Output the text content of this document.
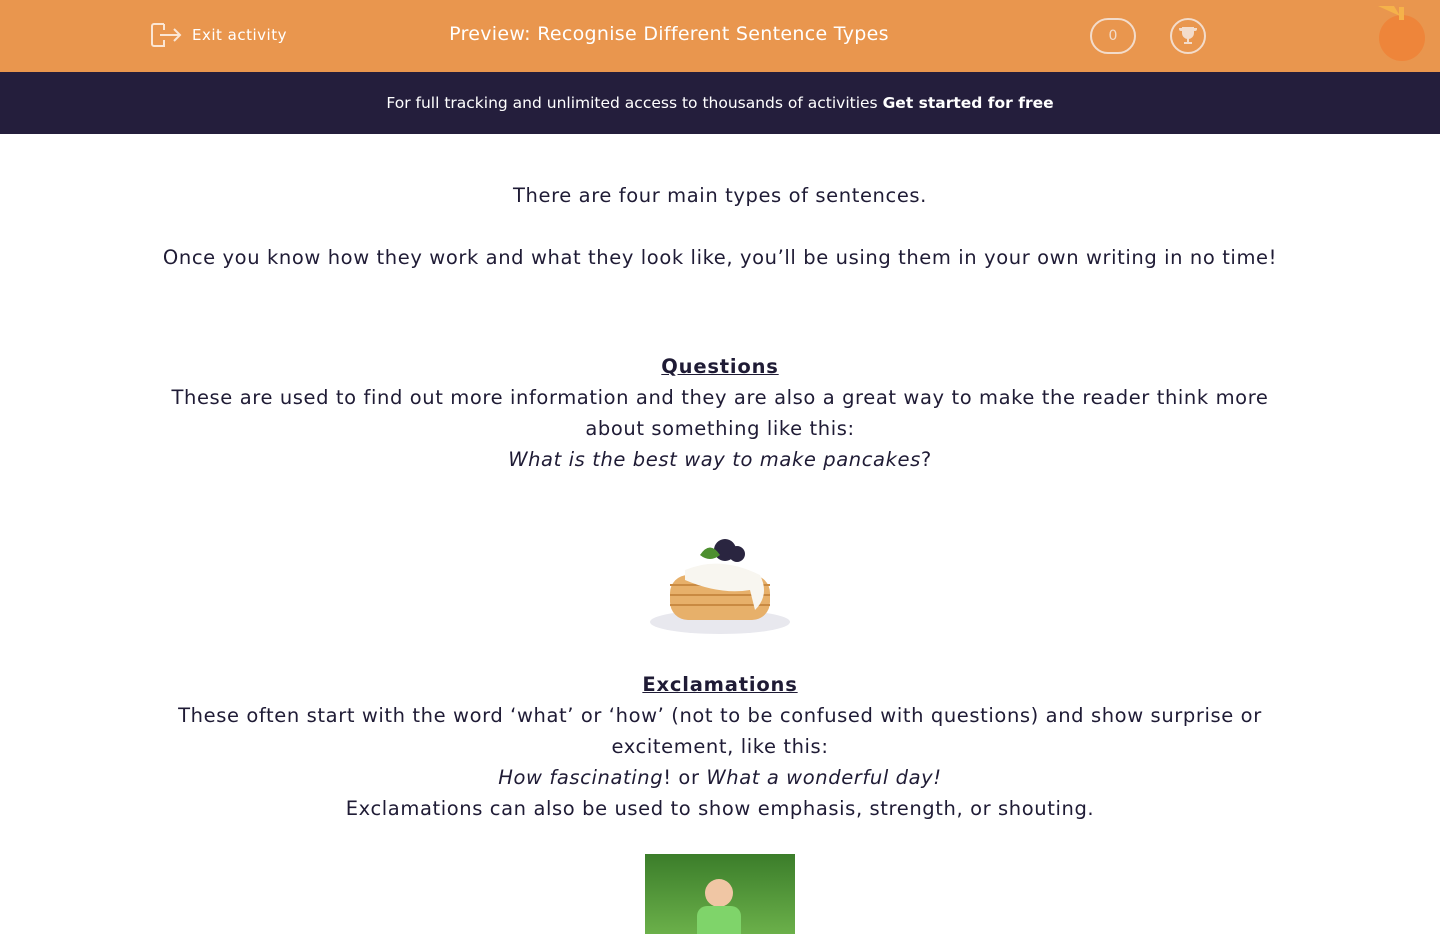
Exit activity	Preview: Recognise Different Sentence Types	0
For full tracking and unlimited access to thousands of activities Get started for free

There are four main types of sentences.

Once you know how they work and what they look like, you’ll be using them in your own writing in no time!

Questions

These are used to find out more information and they are also a great way to make the reader think more about something like this:

What is the best way to make pancakes?

Exclamations

These often start with the word ‘what’ or ‘how’ (not to be confused with questions) and show surprise or excitement, like this:

How fascinating! or What a wonderful day!

Exclamations can also be used to show emphasis, strength, or shouting.
